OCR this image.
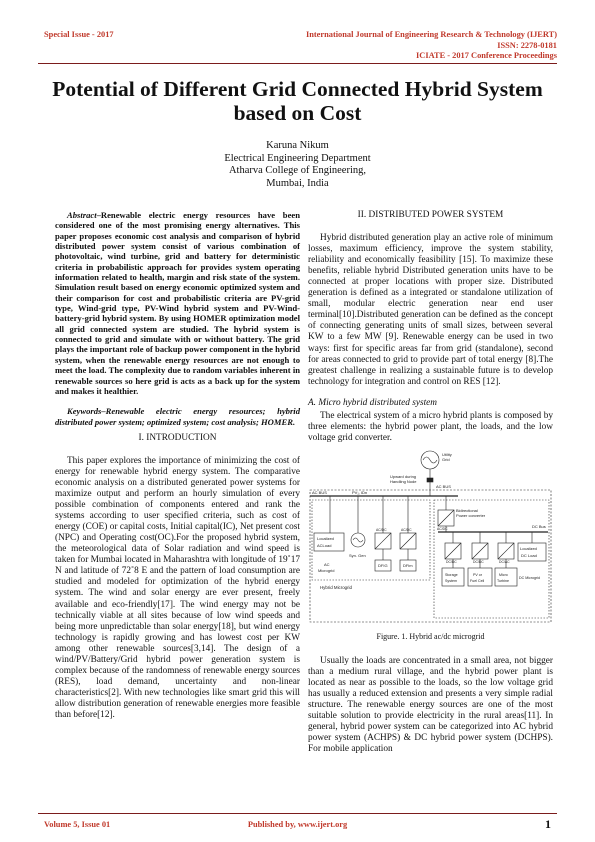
Special Issue - 2017	International Journal of Engineering Research & Technology (IJERT)
ISSN: 2278-0181
ICIATE - 2017 Conference Proceedings
Potential of Different Grid Connected Hybrid System based on Cost
Karuna Nikum
Electrical Engineering Department
Atharva College of Engineering,
Mumbai, India

Abstract–Renewable electric energy resources have been considered one of the most promising energy alternatives. This paper proposes economic cost analysis and comparison of hybrid distributed power system consist of various combination of photovoltaic, wind turbine, grid and battery for deterministic criteria in probabilistic approach for provides system operating information related to health, margin and risk state of the system. Simulation result based on energy economic optimized system and their comparison for cost and probabilistic criteria are PV-grid type, Wind-grid type, PV-Wind hybrid system and PV-Wind-battery-grid hybrid system. By using HOMER optimization model all grid connected system are studied. The hybrid system is connected to grid and simulate with or without battery. The grid plays the important role of backup power component in the hybrid system, when the renewable energy resources are not enough to meet the load. The complexity due to random variables inherent in renewable sources so here grid is acts as a back up for the system and makes it healthier.

Keywords–Renewable electric energy resources; hybrid distributed power system; optimized system; cost analysis; HOMER.

I. INTRODUCTION

This paper explores the importance of minimizing the cost of energy for renewable hybrid energy system. The comparative economic analysis on a distributed generated power systems for maximize output and perform an hourly simulation of every possible combination of components entered and rank the systems according to user specified criteria, such as cost of energy (COE) or capital costs, Initial capital(IC), Net present cost (NPC) and Operating cost(OC).For the proposed hybrid system, the meteorological data of Solar radiation and wind speed is taken for Mumbai located in Maharashtra with longitude of 19˚17 N and latitude of 72˚8 E and the pattern of load consumption are studied and modeled for optimization of the hybrid energy system. The wind and solar energy are ever present, freely available and eco-friendly[17]. The wind energy may not be technically viable at all sites because of low wind speeds and being more unpredictable than solar energy[18], but wind energy technology is rapidly growing and has lowest cost per KW among other renewable sources[3,14]. The design of a wind/PV/Battery/Grid hybrid power generation system is complex because of the randomness of renewable energy sources (RES), load demand, uncertainty and non-linear characteristics[2]. With new technologies like smart grid this will allow distribution generation of renewable energies more feasible than before[12].

II. DISTRIBUTED POWER SYSTEM

Hybrid distributed generation play an active role of minimum losses, maximum efficiency, improve the system stability, reliability and economically feasibility [15]. To maximize these benefits, reliable hybrid Distributed generation units have to be connected at proper locations with proper size. Distributed generation is defined as a integrated or standalone utilization of small, modular electric generation near end user terminal[10].Distributed generation can be defined as the concept of connecting generating units of small sizes, between several KW to a few MW [9]. Renewable energy can be used in two ways: first for specific areas far from grid (standalone), second for areas connected to grid to provide part of total energy [8].The greatest challenge in realizing a sustainable future is to develop technology for integration and control on RES [12].

A. Micro hybrid distributed system

The electrical system of a micro hybrid plants is composed by three elements: the hybrid power plant, the loads, and the low voltage grid converter.

Utility
Grid
Upward during
Handling Node
AC BUS
AC BUS	PV₁, IDn
Localized
ACLoad
Syn. Gen
AC/DC	AC/DC
Bidirectional
Power converter
AC/DC	DC Bus
AC
Microgrid
DFIG	DFim
Hybrid Microgrid
DC/DC	DC/DC	DC/AC
Localized
DC Load
Storage
System
PV or
Fuel Cell
Micro
Turbine
DC Microgrid

Figure. 1. Hybrid ac/dc microgrid

Usually the loads are concentrated in a small area, not bigger than a medium rural village, and the hybrid power plant is located as near as possible to the loads, so the low voltage grid has usually a reduced extension and presents a very simple radial structure. The renewable energy sources are one of the most suitable solution to provide electricity in the rural areas[11]. In general, hybrid power system can be categorized into AC hybrid power system (ACHPS) & DC hybrid power system (DCHPS). For mobile application

Volume 5, Issue 01	Published by, www.ijert.org	1
